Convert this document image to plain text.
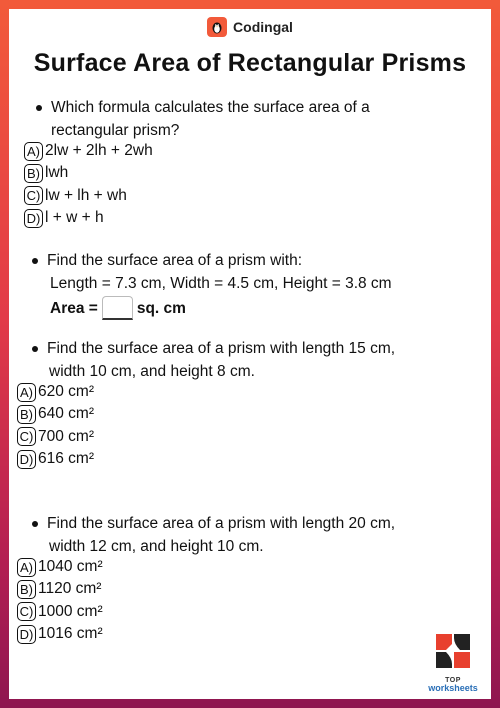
Codingal
Surface Area of Rectangular Prisms
Which formula calculates the surface area of a
rectangular prism?
A) 2lw + 2lh + 2wh
B) lwh
C) lw + lh + wh
D) l + w + h
Find the surface area of a prism with:
Length = 7.3 cm, Width = 4.5 cm, Height = 3.8 cm
Area =	sq. cm
Find the surface area of a prism with length 15 cm,
width 10 cm, and height 8 cm.
A) 620 cm²
B) 640 cm²
C) 700 cm²
D) 616 cm²
Find the surface area of a prism with length 20 cm,
width 12 cm, and height 10 cm.
A) 1040 cm²
B) 1120 cm²
C) 1000 cm²
D) 1016 cm²
TOP
worksheets
